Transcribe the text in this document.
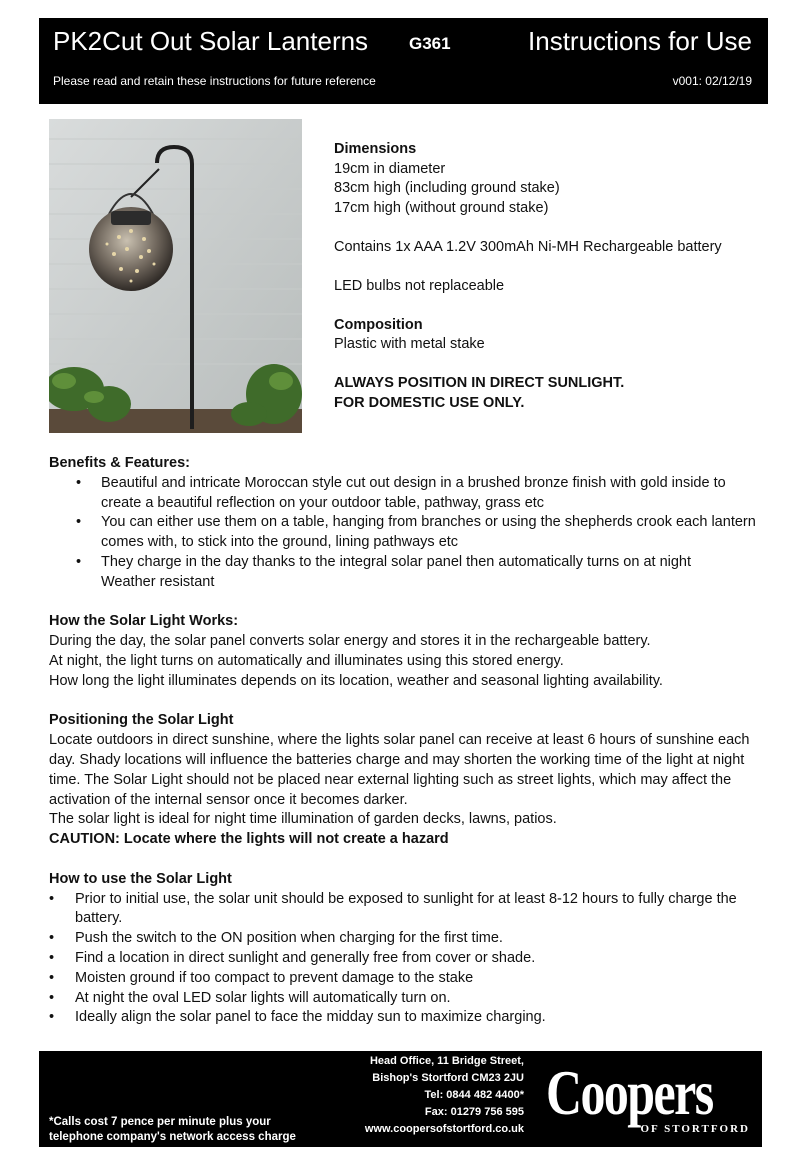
PK2Cut Out Solar Lanterns G361	Instructions for Use
Please read and retain these instructions for future reference	v001: 02/12/19

Dimensions
19cm in diameter
83cm high (including ground stake)
17cm high (without ground stake)

Contains 1x AAA 1.2V 300mAh Ni-MH Rechargeable battery

LED bulbs not replaceable

Composition
Plastic with metal stake

ALWAYS POSITION IN DIRECT SUNLIGHT.
FOR DOMESTIC USE ONLY.

Benefits & Features:

• Beautiful and intricate Moroccan style cut out design in a brushed bronze finish with gold inside to create a beautiful reflection on your outdoor table, pathway, grass etc
• You can either use them on a table, hanging from branches or using the shepherds crook each lantern comes with, to stick into the ground, lining pathways etc
• They charge in the day thanks to the integral solar panel then automatically turns on at night

Weather resistant

How the Solar Light Works:

During the day, the solar panel converts solar energy and stores it in the rechargeable battery.

At night, the light turns on automatically and illuminates using this stored energy.

How long the light illuminates depends on its location, weather and seasonal lighting availability.

Positioning the Solar Light

Locate outdoors in direct sunshine, where the lights solar panel can receive at least 6 hours of sunshine each day. Shady locations will influence the batteries charge and may shorten the working time of the light at night time. The Solar Light should not be placed near external lighting such as street lights, which may affect the activation of the internal sensor once it becomes darker.

The solar light is ideal for night time illumination of garden decks, lawns, patios.

CAUTION: Locate where the lights will not create a hazard

How to use the Solar Light

• Prior to initial use, the solar unit should be exposed to sunlight for at least 8-12 hours to fully charge the battery.
• Push the switch to the ON position when charging for the first time.
• Find a location in direct sunlight and generally free from cover or shade.
• Moisten ground if too compact to prevent damage to the stake
• At night the oval LED solar lights will automatically turn on.
• Ideally align the solar panel to face the midday sun to maximize charging.
*Calls cost 7 pence per minute plus your
telephone company's network access charge
Head Office, 11 Bridge Street,
Bishop's Stortford CM23 2JU
Tel: 0844 482 4400*
Fax: 01279 756 595
www.coopersofstortford.co.uk
Coopers
OF STORTFORD
